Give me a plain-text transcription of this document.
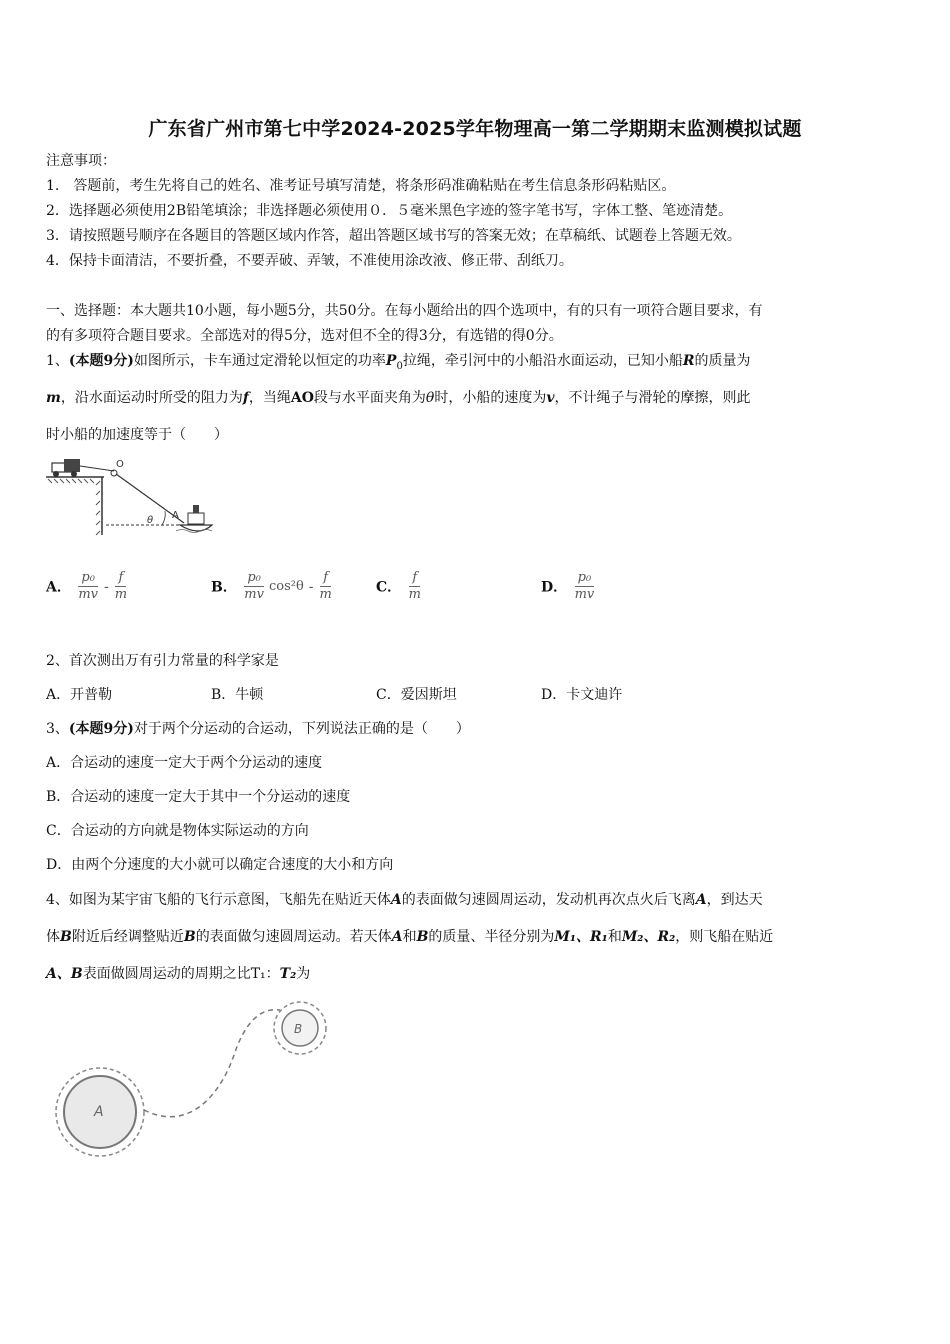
广东省广州市第七中学2024-2025学年物理高一第二学期期末监测模拟试题
注意事项：
1.　答题前，考生先将自己的姓名、准考证号填写清楚，将条形码准确粘贴在考生信息条形码粘贴区。
2．选择题必须使用2B铅笔填涂；非选择题必须使用０．５毫米黑色字迹的签字笔书写，字体工整、笔迹清楚。
3．请按照题号顺序在各题目的答题区域内作答，超出答题区域书写的答案无效；在草稿纸、试题卷上答题无效。
4．保持卡面清洁，不要折叠，不要弄破、弄皱，不准使用涂改液、修正带、刮纸刀。
一、选择题：本大题共10小题，每小题5分，共50分。在每小题给出的四个选项中，有的只有一项符合题目要求，有
的有多项符合题目要求。全部选对的得5分，选对但不全的得3分，有选错的得0分。
1、(本题9分)如图所示，卡车通过定滑轮以恒定的功率$P_0$拉绳，牵引河中的小船沿水面运动，已知小船R的质量为
m，沿水面运动时所受的阻力为f，当绳AO段与水平面夹角为θ时，小船的速度为v，不计绳子与滑轮的摩擦，则此
时小船的加速度等于（　　）
O
θ A
A． $\frac{\text{p₀}}{mv} - \frac{f}{m}$	B． $\frac{\text{p₀}}{mv} \cos^2\theta - \frac{f}{m}$	C． $\frac{f}{m}$	D． $\frac{\text{p₀}}{mv}$
2、首次测出万有引力常量的科学家是
A．开普勒	B．牛顿	C．爱因斯坦	D．卡文迪许
3、(本题9分)对于两个分运动的合运动，下列说法正确的是（　　）
A．合运动的速度一定大于两个分运动的速度
B．合运动的速度一定大于其中一个分运动的速度
C．合运动的方向就是物体实际运动的方向
D．由两个分速度的大小就可以确定合速度的大小和方向
4、如图为某宇宙飞船的飞行示意图，飞船先在贴近天体A的表面做匀速圆周运动，发动机再次点火后飞离A，到达天
体B附近后经调整贴近B的表面做匀速圆周运动。若天体A和B的质量、半径分别为M₁、R₁和M₂、R₂，则飞船在贴近
A、B表面做圆周运动的周期之比T₁：T₂为
A
B
